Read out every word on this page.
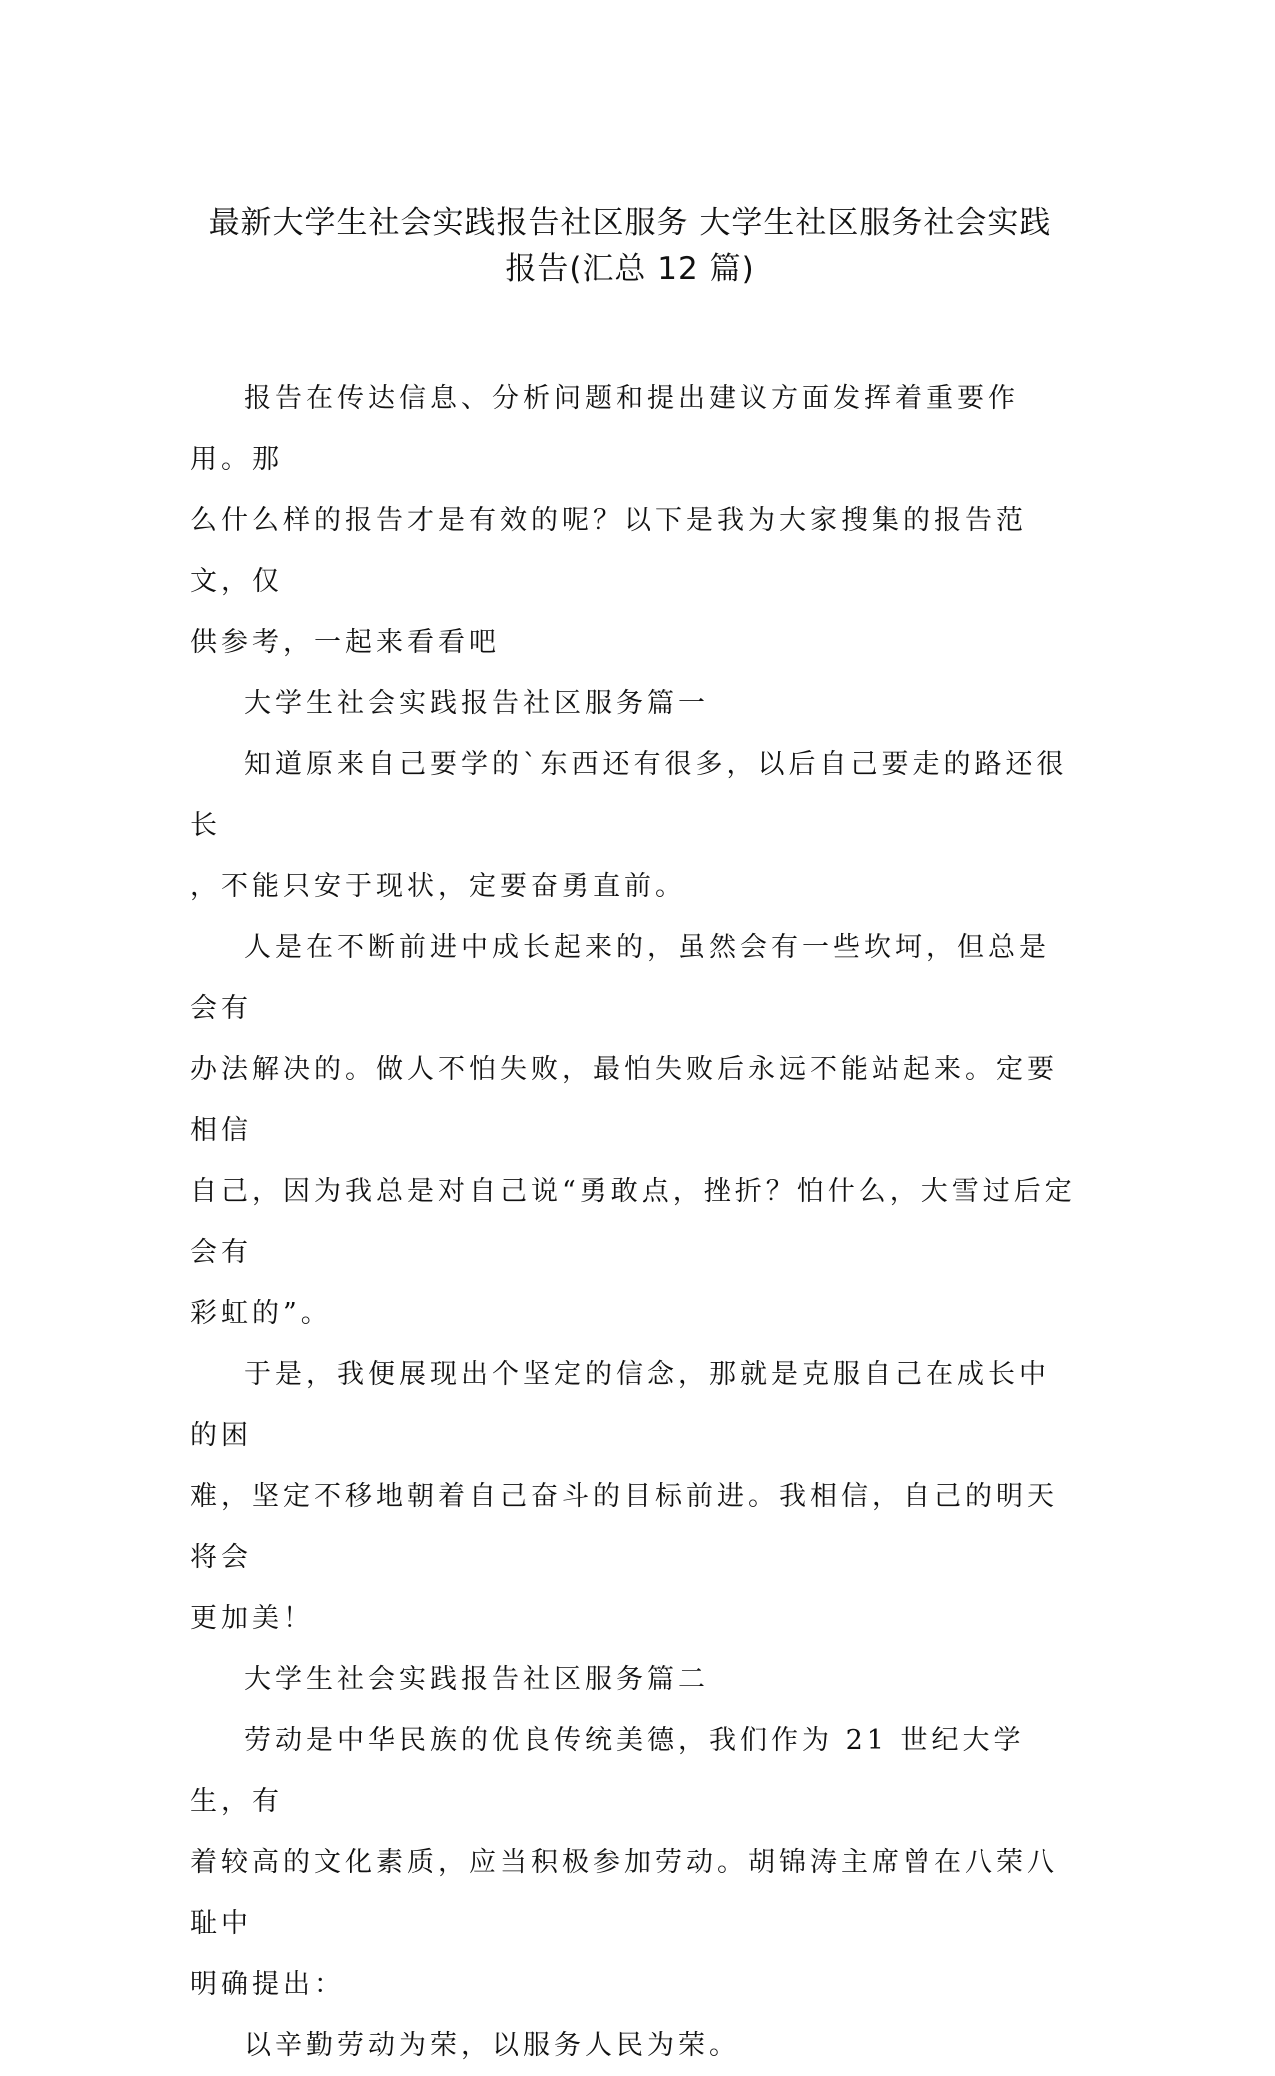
最新大学生社会实践报告社区服务 大学生社区服务社会实践
报告(汇总 12 篇)

报告在传达信息、分析问题和提出建议方面发挥着重要作用。那
么什么样的报告才是有效的呢？以下是我为大家搜集的报告范文，仅
供参考，一起来看看吧

大学生社会实践报告社区服务篇一

知道原来自己要学的`东西还有很多，以后自己要走的路还很长
，不能只安于现状，定要奋勇直前。

人是在不断前进中成长起来的，虽然会有一些坎坷，但总是会有
办法解决的。做人不怕失败，最怕失败后永远不能站起来。定要相信
自己，因为我总是对自己说“勇敢点，挫折？怕什么，大雪过后定会有
彩虹的”。

于是，我便展现出个坚定的信念，那就是克服自己在成长中的困
难，坚定不移地朝着自己奋斗的目标前进。我相信，自己的明天将会
更加美！

大学生社会实践报告社区服务篇二

劳动是中华民族的优良传统美德，我们作为 21 世纪大学生，有
着较高的文化素质，应当积极参加劳动。胡锦涛主席曾在八荣八耻中
明确提出：

以辛勤劳动为荣，以服务人民为荣。
